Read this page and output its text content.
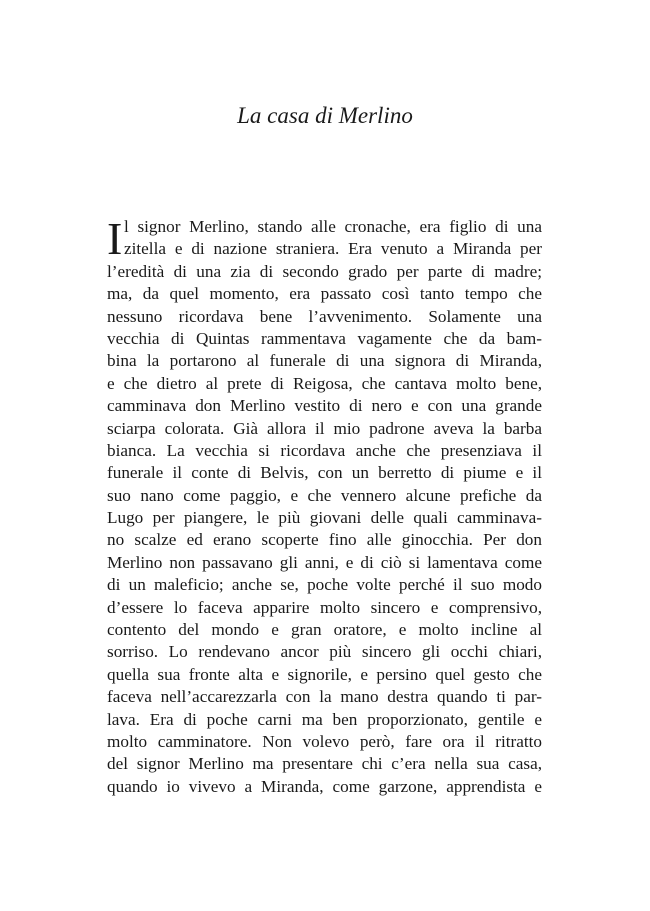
La casa di Merlino
I l signor Merlino, stando alle cronache, era figlio di una
zitella e di nazione straniera. Era venuto a Miranda per
l’eredità di una zia di secondo grado per parte di madre;
ma, da quel momento, era passato così tanto tempo che
nessuno ricordava bene l’avvenimento. Solamente una
vecchia di Quintas rammentava vagamente che da bam-
bina la portarono al funerale di una signora di Miranda,
e che dietro al prete di Reigosa, che cantava molto bene,
camminava don Merlino vestito di nero e con una grande
sciarpa colorata. Già allora il mio padrone aveva la barba
bianca. La vecchia si ricordava anche che presenziava il
funerale il conte di Belvis, con un berretto di piume e il
suo nano come paggio, e che vennero alcune prefiche da
Lugo per piangere, le più giovani delle quali camminava-
no scalze ed erano scoperte fino alle ginocchia. Per don
Merlino non passavano gli anni, e di ciò si lamentava come
di un maleficio; anche se, poche volte perché il suo modo
d’essere lo faceva apparire molto sincero e comprensivo,
contento del mondo e gran oratore, e molto incline al
sorriso. Lo rendevano ancor più sincero gli occhi chiari,
quella sua fronte alta e signorile, e persino quel gesto che
faceva nell’accarezzarla con la mano destra quando ti par-
lava. Era di poche carni ma ben proporzionato, gentile e
molto camminatore. Non volevo però, fare ora il ritratto
del signor Merlino ma presentare chi c’era nella sua casa,
quando io vivevo a Miranda, come garzone, apprendista e
